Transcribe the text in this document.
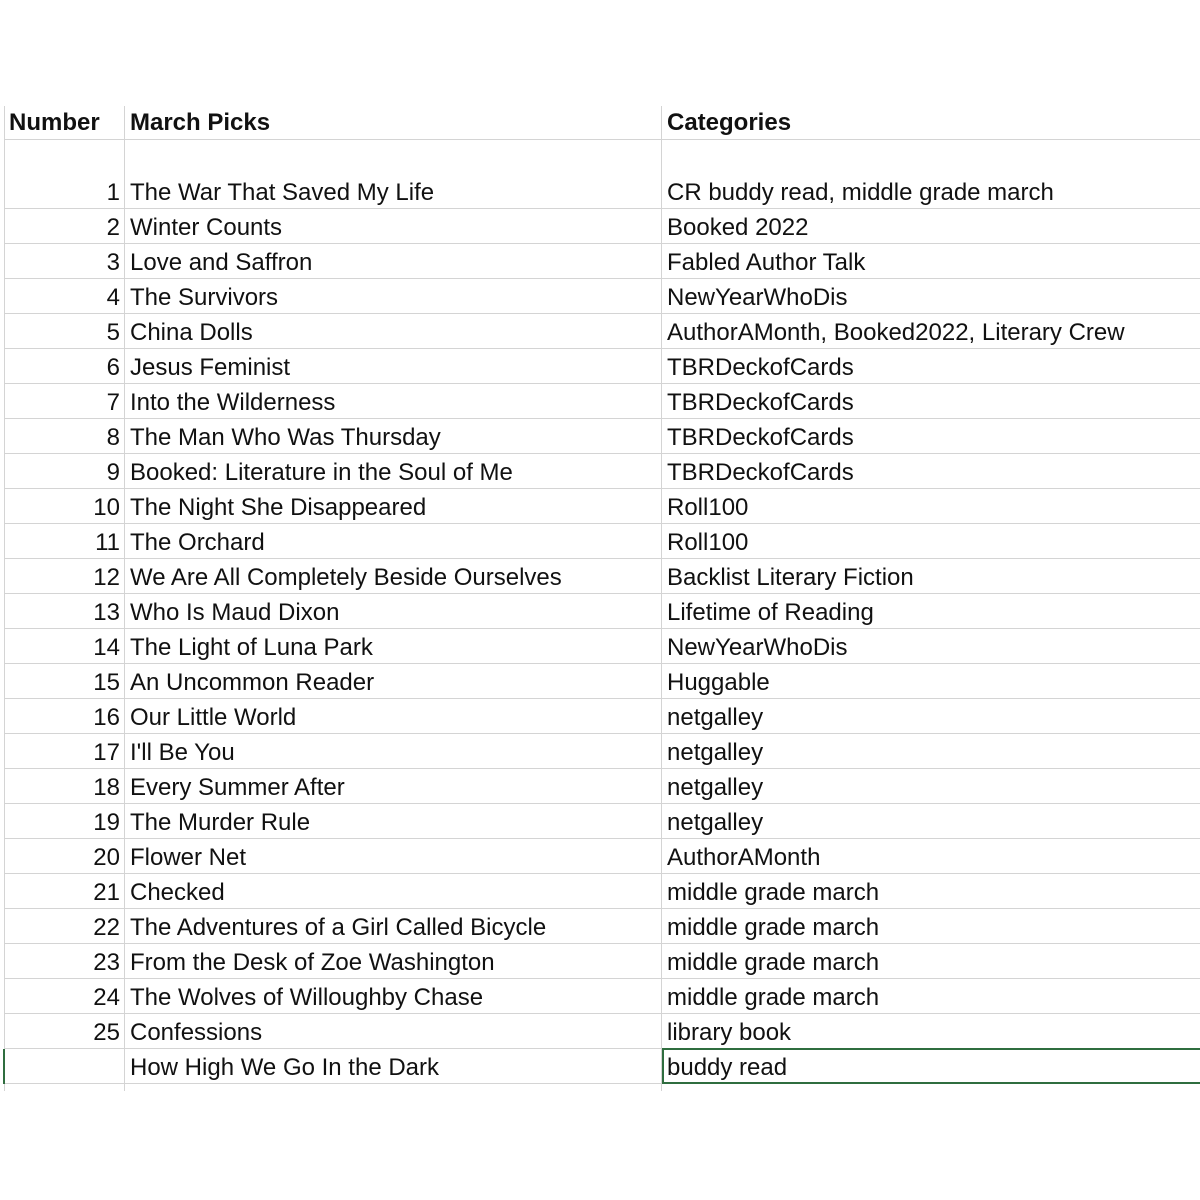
Number	March Picks	Categories
1 The War That Saved My Life	CR buddy read, middle grade march
2 Winter Counts	Booked 2022
3 Love and Saffron	Fabled Author Talk
4 The Survivors	NewYearWhoDis
5 China Dolls	AuthorAMonth, Booked2022, Literary Crew
6 Jesus Feminist	TBRDeckofCards
7 Into the Wilderness	TBRDeckofCards
8 The Man Who Was Thursday	TBRDeckofCards
9 Booked: Literature in the Soul of Me	TBRDeckofCards
10 The Night She Disappeared	Roll100
11 The Orchard	Roll100
12 We Are All Completely Beside Ourselves	Backlist Literary Fiction
13 Who Is Maud Dixon	Lifetime of Reading
14 The Light of Luna Park	NewYearWhoDis
15 An Uncommon Reader	Huggable
16 Our Little World	netgalley
17 I'll Be You	netgalley
18 Every Summer After	netgalley
19 The Murder Rule	netgalley
20 Flower Net	AuthorAMonth
21 Checked	middle grade march
22 The Adventures of a Girl Called Bicycle	middle grade march
23 From the Desk of Zoe Washington	middle grade march
24 The Wolves of Willoughby Chase	middle grade march
25 Confessions	library book
How High We Go In the Dark	buddy read
